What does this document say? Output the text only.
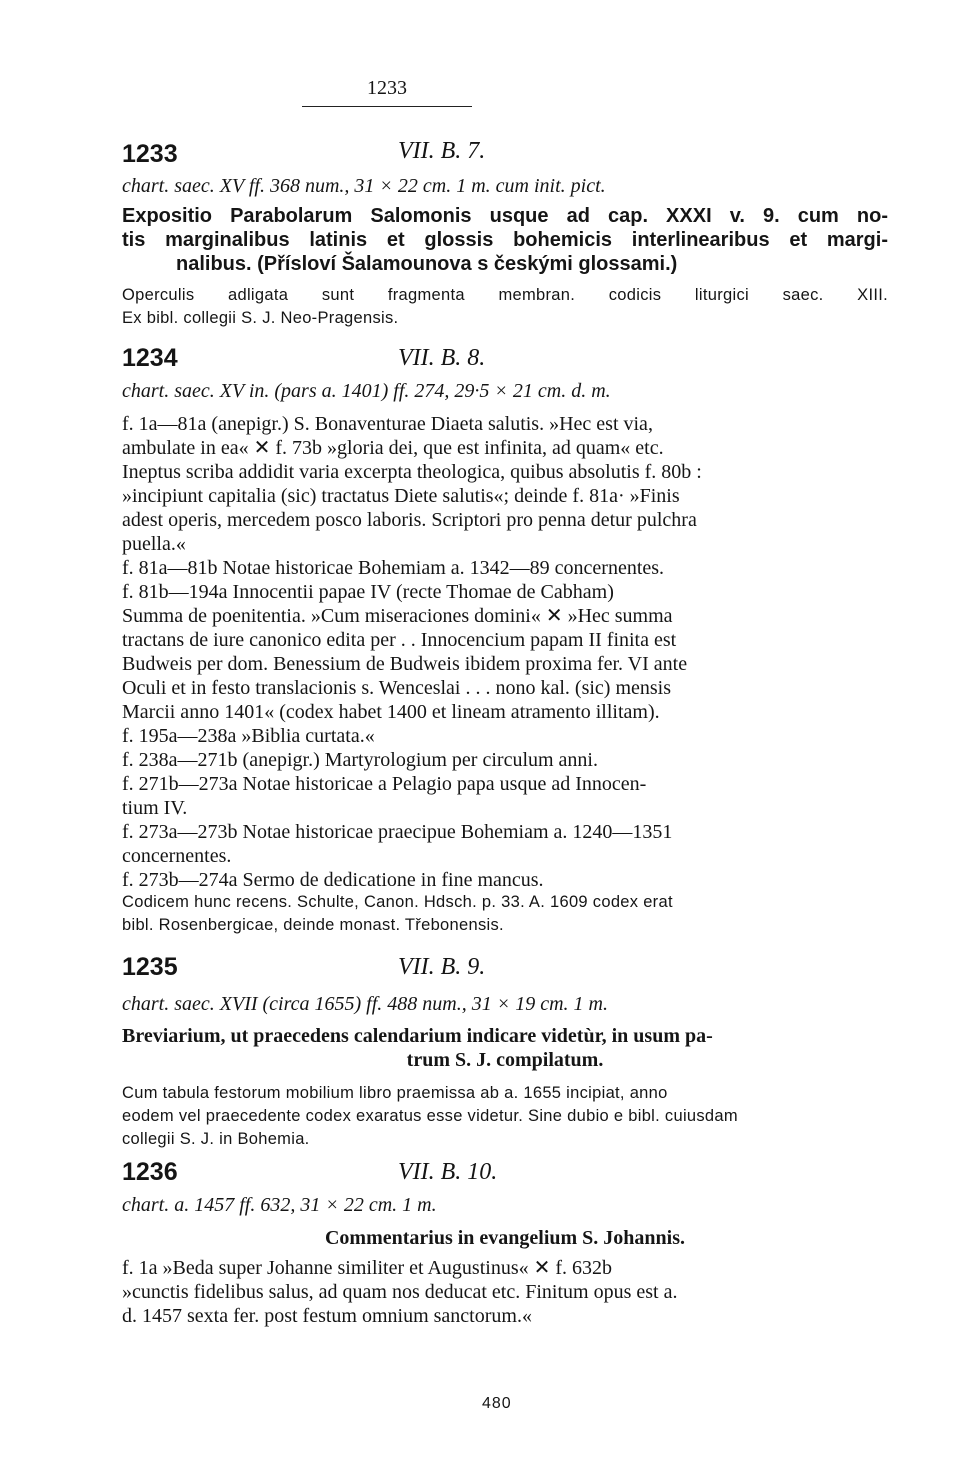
1233
1233	VII. B. 7.
chart. saec. XV ff. 368 num., 31 × 22 cm. 1 m. cum init. pict.
Expositio Parabolarum Salomonis usque ad cap. XXXI v. 9. cum no-
tis marginalibus latinis et glossis bohemicis interlinearibus et margi-
nalibus. (Přísloví Šalamounova s českými glossami.)
Operculis adligata sunt fragmenta membran. codicis liturgici saec. XIII.
Ex bibl. collegii S. J. Neo-Pragensis.
1234	VII. B. 8.
chart. saec. XV in. (pars a. 1401) ff. 274, 29·5 × 21 cm. d. m.
f. 1a—81a (anepigr.) S. Bonaventurae Diaeta salutis. »Hec est via,
ambulate in ea« ✕ f. 73b »gloria dei, que est infinita, ad quam« etc.
Ineptus scriba addidit varia excerpta theologica, quibus absolutis f. 80b :
»incipiunt capitalia (sic) tractatus Diete salutis«; deinde f. 81a· »Finis
adest operis, mercedem posco laboris. Scriptori pro penna detur pulchra
puella.«
f. 81a—81b Notae historicae Bohemiam a. 1342—89 concernentes.
f. 81b—194a Innocentii papae IV (recte Thomae de Cabham)
Summa de poenitentia. »Cum miseraciones domini« ✕ »Hec summa
tractans de iure canonico edita per . . Innocencium papam II finita est
Budweis per dom. Benessium de Budweis ibidem proxima fer. VI ante
Oculi et in festo translacionis s. Wenceslai . . . nono kal. (sic) mensis
Marcii anno 1401« (codex habet 1400 et lineam atramento illitam).
f. 195a—238a »Biblia curtata.«
f. 238a—271b (anepigr.) Martyrologium per circulum anni.
f. 271b—273a Notae historicae a Pelagio papa usque ad Innocen-
tium IV.
f. 273a—273b Notae historicae praecipue Bohemiam a. 1240—1351
concernentes.
f. 273b—274a Sermo de dedicatione in fine mancus.
Codicem hunc recens. Schulte, Canon. Hdsch. p. 33. A. 1609 codex erat
bibl. Rosenbergicae, deinde monast. Třebonensis.
1235	VII. B. 9.
chart. saec. XVII (circa 1655) ff. 488 num., 31 × 19 cm. 1 m.
Breviarium, ut praecedens calendarium indicare videtùr, in usum pa-
trum S. J. compilatum.
Cum tabula festorum mobilium libro praemissa ab a. 1655 incipiat, anno
eodem vel praecedente codex exaratus esse videtur. Sine dubio e bibl. cuiusdam
collegii S. J. in Bohemia.
1236	VII. B. 10.
chart. a. 1457 ff. 632, 31 × 22 cm. 1 m.
Commentarius in evangelium S. Johannis.
f. 1a »Beda super Johanne similiter et Augustinus« ✕ f. 632b
»cunctis fidelibus salus, ad quam nos deducat etc. Finitum opus est a.
d. 1457 sexta fer. post festum omnium sanctorum.«
480
